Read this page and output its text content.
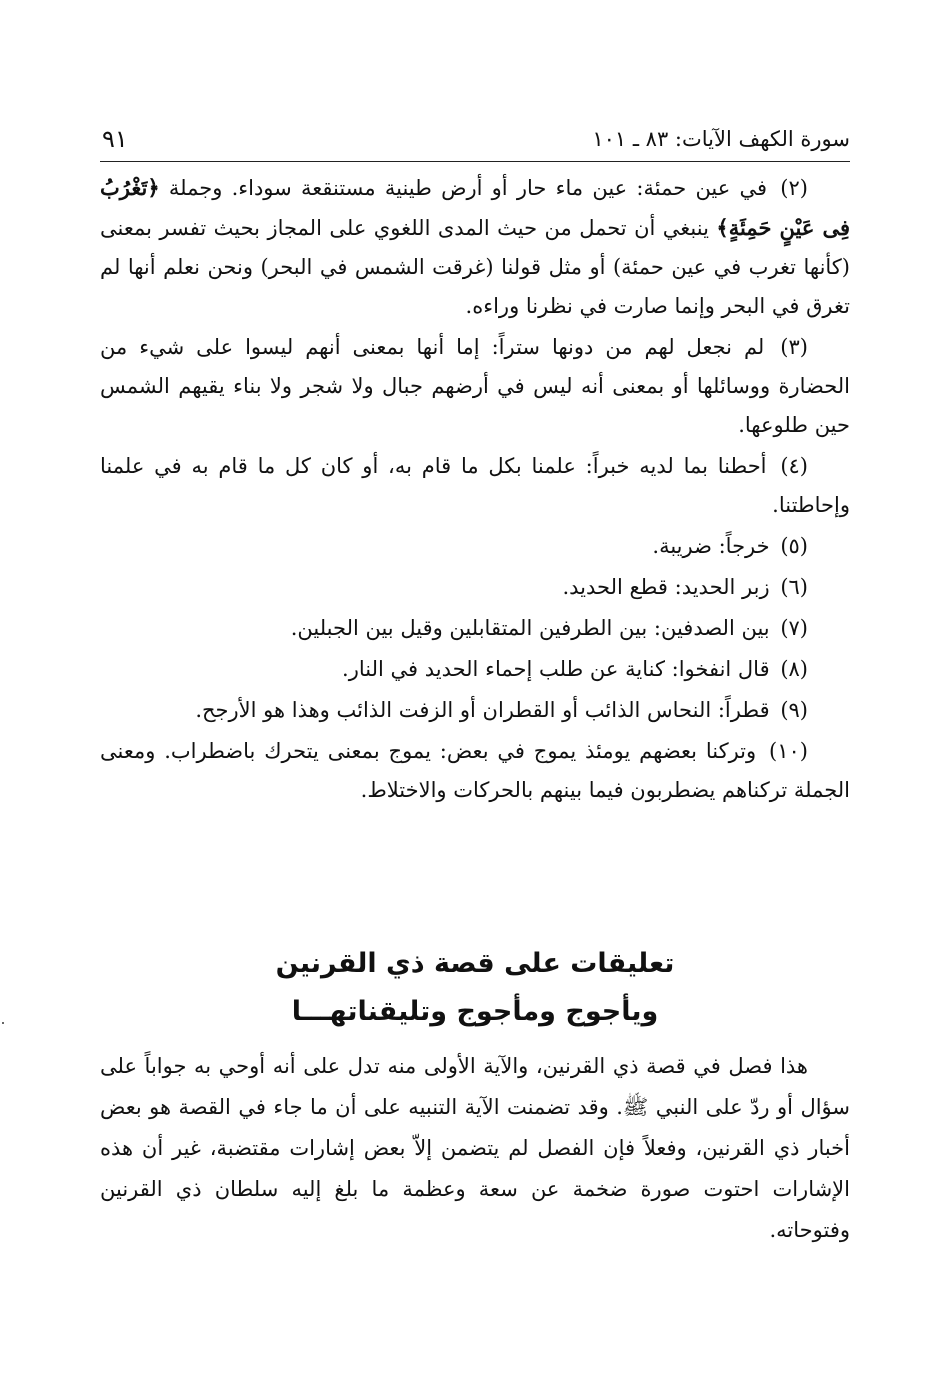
سورة الكهف الآيات: ٨٣ ـ ١٠١
٩١

(٢) في عين حمئة: عين ماء حار أو أرض طينية مستنقعة سوداء. وجملة ﴿تَغْرُبُ فِى عَيْنٍ حَمِئَةٍ﴾ ينبغي أن تحمل من حيث المدى اللغوي على المجاز بحيث تفسر بمعنى (كأنها تغرب في عين حمئة) أو مثل قولنا (غرقت الشمس في البحر) ونحن نعلم أنها لم تغرق في البحر وإنما صارت في نظرنا وراءه.

(٣) لم نجعل لهم من دونها ستراً: إما أنها بمعنى أنهم ليسوا على شيء من الحضارة ووسائلها أو بمعنى أنه ليس في أرضهم جبال ولا شجر ولا بناء يقيهم الشمس حين طلوعها.

(٤) أحطنا بما لديه خبراً: علمنا بكل ما قام به، أو كان كل ما قام به في علمنا وإحاطتنا.

(٥) خرجاً: ضريبة.

(٦) زبر الحديد: قطع الحديد.

(٧) بين الصدفين: بين الطرفين المتقابلين وقيل بين الجبلين.

(٨) قال انفخوا: كناية عن طلب إحماء الحديد في النار.

(٩) قطراً: النحاس الذائب أو القطران أو الزفت الذائب وهذا هو الأرجح.

(١٠) وتركنا بعضهم يومئذ يموج في بعض: يموج بمعنى يتحرك باضطراب. ومعنى الجملة تركناهم يضطربون فيما بينهم بالحركات والاختلاط.

تعليقات على قصة ذي القرنين
ويأجوج ومأجوج وتليقناتهـــا

هذا فصل في قصة ذي القرنين، والآية الأولى منه تدل على أنه أوحي به جواباً على سؤال أو ردّ على النبي ﷺ. وقد تضمنت الآية التنبيه على أن ما جاء في القصة هو بعض أخبار ذي القرنين، وفعلاً فإن الفصل لم يتضمن إلاّ بعض إشارات مقتضبة، غير أن هذه الإشارات احتوت صورة ضخمة عن سعة وعظمة ما بلغ إليه سلطان ذي القرنين وفتوحاته.
